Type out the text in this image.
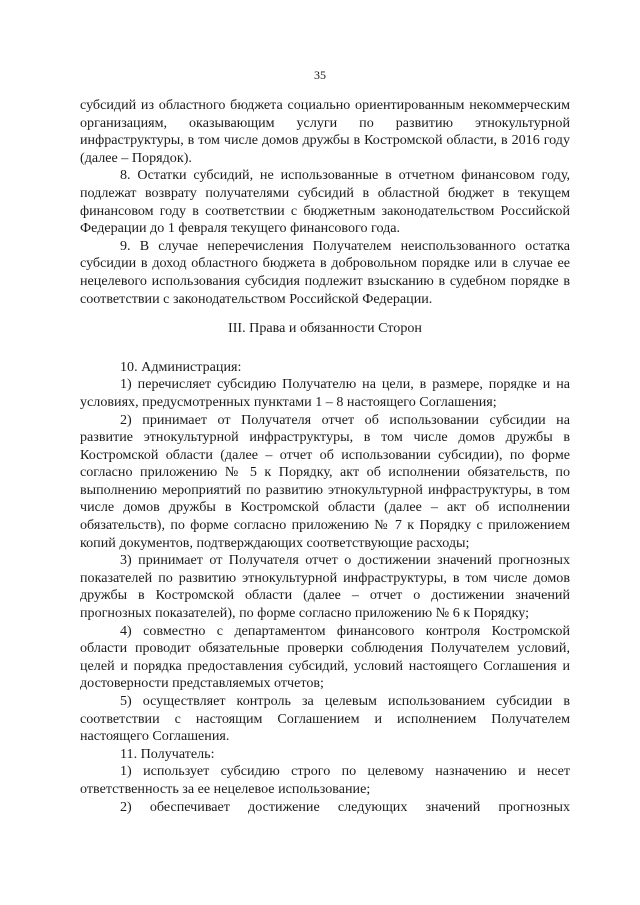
35

субсидий из областного бюджета социально ориентированным некоммерческим организациям, оказывающим услуги по развитию этнокультурной инфраструктуры, в том числе домов дружбы в Костромской области, в 2016 году (далее – Порядок).

8. Остатки субсидий, не использованные в отчетном финансовом году, подлежат возврату получателями субсидий в областной бюджет в текущем финансовом году в соответствии с бюджетным законодательством Российской Федерации до 1 февраля текущего финансового года.

9. В случае неперечисления Получателем неиспользованного остатка субсидии в доход областного бюджета в добровольном порядке или в случае ее нецелевого использования субсидия подлежит взысканию в судебном порядке в соответствии с законодательством Российской Федерации.

III. Права и обязанности Сторон

10. Администрация:

1) перечисляет субсидию Получателю на цели, в размере, порядке и на условиях, предусмотренных пунктами 1 – 8 настоящего Соглашения;

2) принимает от Получателя отчет об использовании субсидии на развитие этнокультурной инфраструктуры, в том числе домов дружбы в Костромской области (далее – отчет об использовании субсидии), по форме согласно приложению № 5 к Порядку, акт об исполнении обязательств, по выполнению мероприятий по развитию этнокультурной инфраструктуры, в том числе домов дружбы в Костромской области (далее – акт об исполнении обязательств), по форме согласно приложению № 7 к Порядку с приложением копий документов, подтверждающих соответствующие расходы;

3) принимает от Получателя отчет о достижении значений прогнозных показателей по развитию этнокультурной инфраструктуры, в том числе домов дружбы в Костромской области (далее – отчет о достижении значений прогнозных показателей), по форме согласно приложению № 6 к Порядку;

4) совместно с департаментом финансового контроля Костромской области проводит обязательные проверки соблюдения Получателем условий, целей и порядка предоставления субсидий, условий настоящего Соглашения и достоверности представляемых отчетов;

5) осуществляет контроль за целевым использованием субсидии в соответствии с настоящим Соглашением и исполнением Получателем настоящего Соглашения.

11. Получатель:

1) использует субсидию строго по целевому назначению и несет ответственность за ее нецелевое использование;

2) обеспечивает достижение следующих значений прогнозных
